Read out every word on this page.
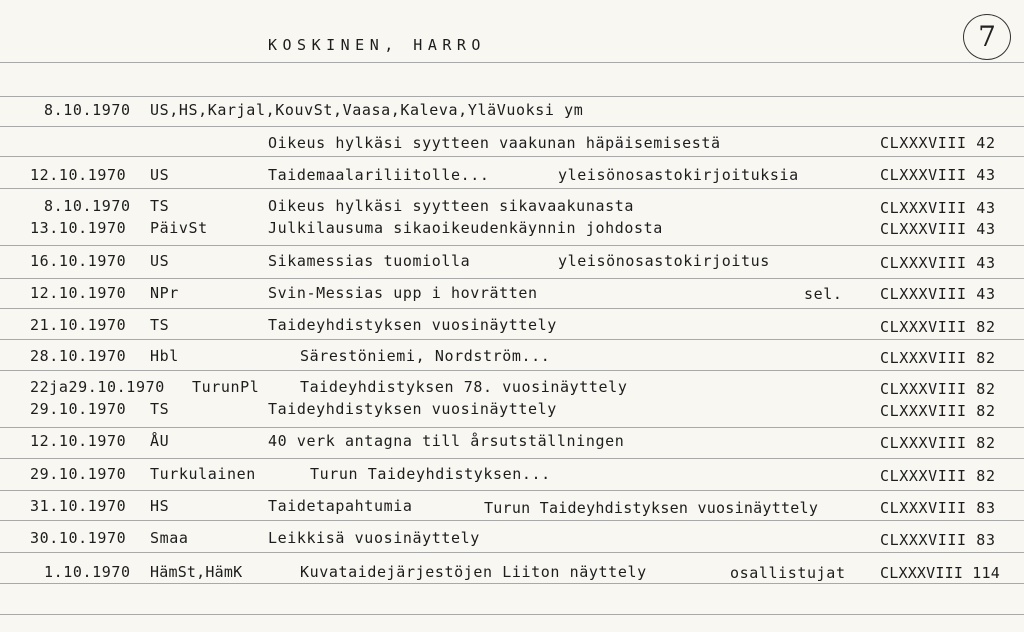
KOSKINEN, HARRO	7
8.10.1970 US,HS,Karjal,KouvSt,Vaasa,Kaleva,YläVuoksi ym
Oikeus hylkäsi syytteen vaakunan häpäisemisestä	CLXXXVIII 42
12.10.1970 US	Taidemaalariliitolle...	yleisönosastokirjoituksia	CLXXXVIII 43
8.10.1970 TS	Oikeus hylkäsi syytteen sikavaakunasta	CLXXXVIII 43
13.10.1970 PäivSt	Julkilausuma sikaoikeudenkäynnin johdosta	CLXXXVIII 43
16.10.1970 US	Sikamessias tuomiolla	yleisönosastokirjoitus	CLXXXVIII 43
12.10.1970 NPr	Svin-Messias upp i hovrätten	sel. CLXXXVIII 43
21.10.1970 TS	Taideyhdistyksen vuosinäyttely	CLXXXVIII 82
28.10.1970 Hbl	Särestöniemi, Nordström...	CLXXXVIII 82
22ja29.10.1970 TurunPl	Taideyhdistyksen 78. vuosinäyttely	CLXXXVIII 82
29.10.1970 TS	Taideyhdistyksen vuosinäyttely	CLXXXVIII 82
12.10.1970 ÅU	40 verk antagna till årsutställningen	CLXXXVIII 82
29.10.1970 Turkulainen	Turun Taideyhdistyksen...	CLXXXVIII 82
31.10.1970 HS	Taidetapahtumia	Turun Taideyhdistyksen vuosinäyttely	CLXXXVIII 83
30.10.1970 Smaa	Leikkisä vuosinäyttely	CLXXXVIII 83
1.10.1970 HämSt,HämK	Kuvataidejärjestöjen Liiton näyttely	osallistujat CLXXXVIII 114
